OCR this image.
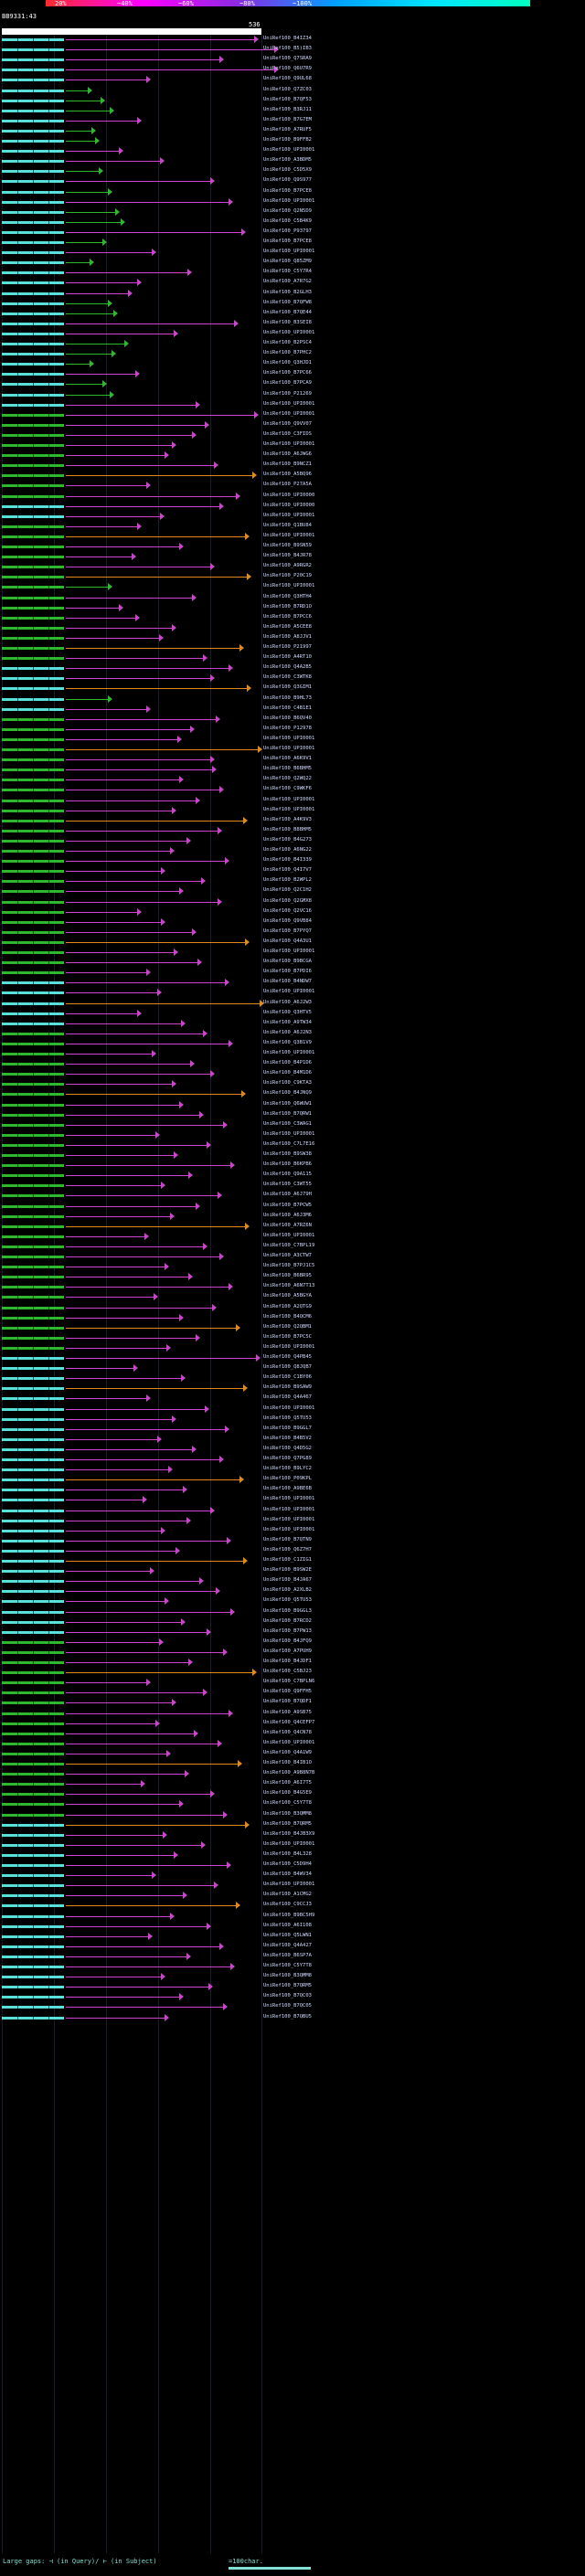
20%	~40%	~60%	~80%	~100%
BB9331:43
536
UniRef100_B4IZ34
UniRef100_B5)IB3
UniRef100_Q7SRA9
UniRef100_Q6U7R9
UniRef100_Q9UL68
UniRef100_Q7ZC03
UniRef100_B7QF53
UniRef100_B3RJ11
UniRef100_B7G7EM
UniRef100_A7RUF5
UniRef100_B9FFB2
UniRef100_UPI0001
UniRef100_A3BDM5
UniRef100_C5D5X9
UniRef100_Q9S977
UniRef100_B7PCE8
UniRef100_UPI0001
UniRef100_Q2N5D9
UniRef100_C5B4K9
UniRef100_P93797
UniRef100_B7PCE8
UniRef100_UPI0001
UniRef100_Q85ZM9
UniRef100_C5Y7R4
UniRef100_A7R7G2
UniRef100_B2GLH3
UniRef100_B7QFW8
UniRef100_B7QE44
UniRef100_B3SEI8
UniRef100_UPI0001
UniRef100_B2PSC4
UniRef100_B7PHC2
UniRef100_Q3HJD1
UniRef100_B7PC66
UniRef100_B7PCA9
UniRef100_P21269
UniRef100_UPI0001
UniRef100_UPI0001
UniRef100_Q9VV07
UniRef100_C3FIDS
UniRef100_UPI0001
UniRef100_A6JWG6
UniRef100_B9NCZ1
UniRef100_A5BQ96
UniRef100_P27A5A
UniRef100_UPI0000
UniRef100_UPI0000
UniRef100_UPI0001
UniRef100_Q1BU84
UniRef100_UPI0001
UniRef100_B9SN59
UniRef100_B4JR78
UniRef100_A9RGR2
UniRef100_P20C19
UniRef100_UPI0001
UniRef100_Q3HTH4
UniRef100_B7RD1O
UniRef100_B7PCC6
UniRef100_A5CEE8
UniRef100_A8JJV1
UniRef100_P21997
UniRef100_A4RT10
UniRef100_Q4A2B5
UniRef100_C3WTK8
UniRef100_Q3GIM1
UniRef100_B9HL73
UniRef100_C4B1E1
UniRef100_B6QV40
UniRef100_P12978
UniRef100_UPI0001
UniRef100_UPI0001
UniRef100_A6K9V1
UniRef100_B6BHM5
UniRef100_Q2WQ22
UniRef100_C9WKF6
UniRef100_UPI0001
UniRef100_UPI0001
UniRef100_A4K9V3
UniRef100_B8BHM5
UniRef100_B4G273
UniRef100_A6NG22
UniRef100_B4I339
UniRef100_Q4I7V7
UniRef100_B2WPL2
UniRef100_Q2C1H2
UniRef100_Q2GMX8
UniRef100_Q2VC16
UniRef100_Q9VB84
UniRef100_B7PYQ7
UniRef100_Q4A3U1
UniRef100_UPI0001
UniRef100_B9BCGA
UniRef100_B7PDI6
UniRef100_B4NDW7
UniRef100_UPI0001
UniRef100_A6J2W3
UniRef100_Q3HTV5
UniRef100_A9TW34
UniRef100_A6J2N3
UniRef100_Q3B1V9
UniRef100_UPI0001
UniRef100_B4P1D6
UniRef100_B4M1D6
UniRef100_C9KTA3
UniRef100_B4JNQ9
UniRef100_Q6WUW1
UniRef100_B7QRW1
UniRef100_C3WAG1
UniRef100_UPI0001
UniRef100_C7L7E16
UniRef100_B9SW38
UniRef100_B6KPB6
UniRef100_Q9A115
UniRef100_C3WT55
UniRef100_A6J79H
UniRef100_B7PCW5
UniRef100_A6J3M6
UniRef100_A7RZ6N
UniRef100_UPI0001
UniRef100_C7BPL19
UniRef100_A3CTW7
UniRef100_B7PJ1C5
UniRef100_B6BR95
UniRef100_A6N7T13
UniRef100_A5BGYA
UniRef100_A2QTG9
UniRef100_B4QCM6
UniRef100_Q2QBM1
UniRef100_B7PC5C
UniRef100_UPI0001
UniRef100_Q4PB45
UniRef100_Q8JQB7
UniRef100_C1BY06
UniRef100_B9SAW9
UniRef100_Q4A467
UniRef100_UPI0001
UniRef100_Q5TU53
UniRef100_B9GGL7
UniRef100_B4B5V2
UniRef100_Q4D5G2
UniRef100_Q7PG89
UniRef100_B9LYC2
UniRef100_P09KPL
UniRef100_A9BE6B
UniRef100_UPI0001
UniRef100_UPI0001
UniRef100_UPI0001
UniRef100_UPI0001
UniRef100_B7QTN9
UniRef100_Q6Z7H7
UniRef100_C1ZIG1
UniRef100_B9SW2E
UniRef100_B4JA67
UniRef100_A2XLB2
UniRef100_Q5TU53
UniRef100_B9GGL3
UniRef100_B7RCD2
UniRef100_B7PW13
UniRef100_B4JFQ9
UniRef100_A7PUH9
UniRef100_B4JDF1
UniRef100_C5BJ23
UniRef100_C7BPLN6
UniRef100_Q9FFH5
UniRef100_B7QDF1
UniRef100_A9SB75
UniRef100_Q4CEFP7
UniRef100_Q4CN78
UniRef100_UPI0001
UniRef100_Q4A1W9
UniRef100_B4IB1O
UniRef100_A9B8N7B
UniRef100_A6I7T5
UniRef100_B4G5E9
UniRef100_C5Y7T8
UniRef100_B3QMM8
UniRef100_B7QRM5
UniRef100_B4JB3X9
UniRef100_UPI0001
UniRef100_B4L328
UniRef100_C5D9H4
UniRef100_B4WV34
UniRef100_UPI0001
UniRef100_A1CMG2
UniRef100_C9CCJ3
UniRef100_B9BC5H9
UniRef100_A6I108
UniRef100_Q5LWN1
UniRef100_Q4A427
UniRef100_B6SP7A
UniRef100_C5Y7T8
UniRef100_B3QMM8
UniRef100_B7QRM5
UniRef100_B7QC03
UniRef100_B7QC05
UniRef100_B7QBU5
Large gaps: ⊣ (in Query)/ ⊢ (in Subject)	=100char.
